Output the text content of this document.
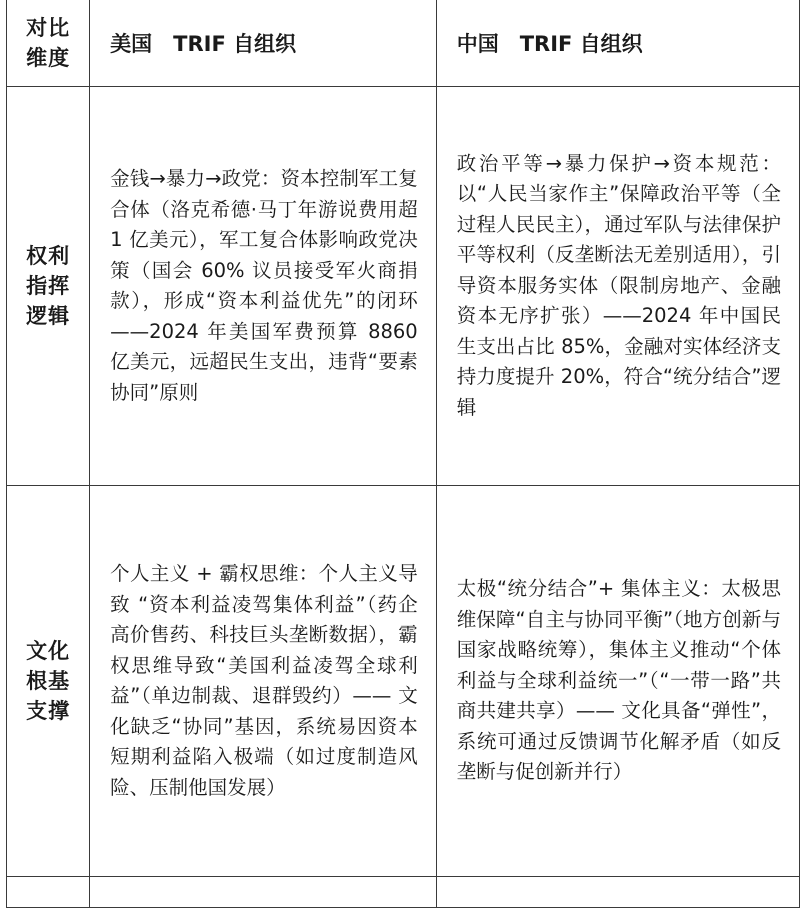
对比
维度	美国　TRIF 自组织	中国　TRIF 自组织

权利
指挥
逻辑	金钱→暴力→政党：资本控制军工复合体（洛克希德·马丁年游说费用超 1 亿美元），军工复合体影响政党决策（国会 60% 议员接受军火商捐款），形成“资本利益优先”的闭环 ——2024 年美国军费预算 8860 亿美元，远超民生支出，违背“要素协同”原则	政治平等→暴力保护→资本规范：以“人民当家作主”保障政治平等（全过程人民民主），通过军队与法律保护平等权利（反垄断法无差别适用），引导资本服务实体（限制房地产、金融资本无序扩张）——2024 年中国民生支出占比 85%，金融对实体经济支持力度提升 20%，符合“统分结合”逻辑

文化
根基
支撑	个人主义 + 霸权思维：个人主义导致 “资本利益凌驾集体利益”（药企高价售药、科技巨头垄断数据），霸权思维导致“美国利益凌驾全球利益”（单边制裁、退群毁约）—— 文化缺乏“协同”基因，系统易因资本短期利益陷入极端（如过度制造风险、压制他国发展）	太极“统分结合”+ 集体主义：太极思维保障“自主与协同平衡”（地方创新与国家战略统筹），集体主义推动“个体利益与全球利益统一”（“一带一路”共商共建共享）—— 文化具备“弹性”，系统可通过反馈调节化解矛盾（如反垄断与促创新并行）
